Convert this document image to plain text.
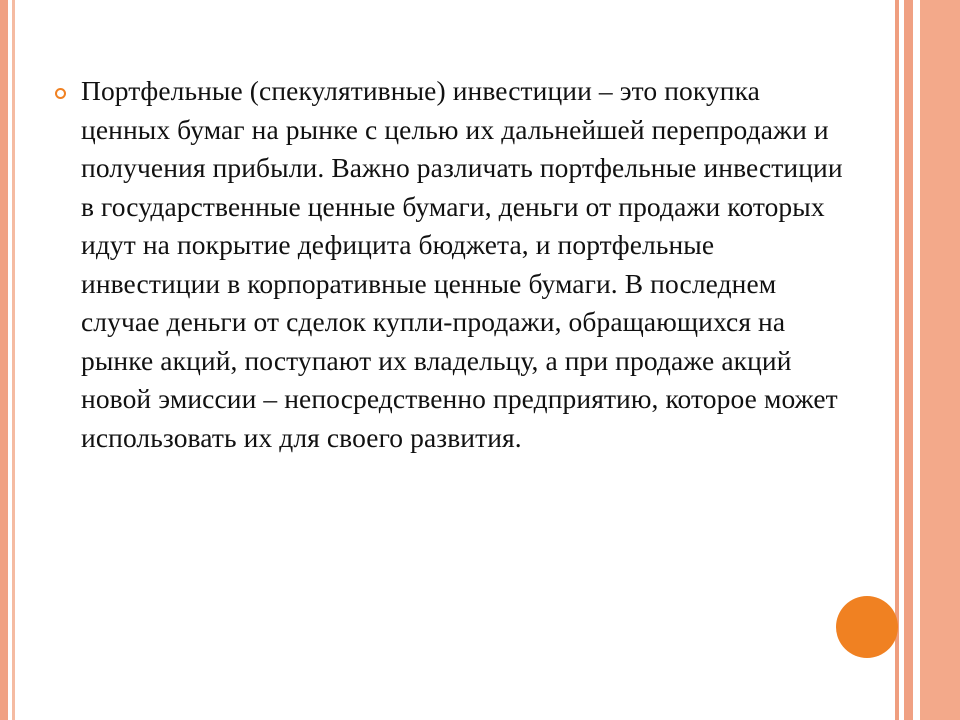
Портфельные (спекулятивные) инвестиции – это покупка ценных бумаг на рынке с целью их дальнейшей перепродажи и получения прибыли. Важно различать портфельные инвестиции в государственные ценные бумаги, деньги от продажи которых идут на покрытие дефицита бюджета, и портфельные инвестиции в корпоративные ценные бумаги. В последнем случае деньги от сделок купли-продажи, обращающихся на рынке акций, поступают их владельцу, а при продаже акций новой эмиссии – непосредственно предприятию, которое может использовать их для своего развития.
